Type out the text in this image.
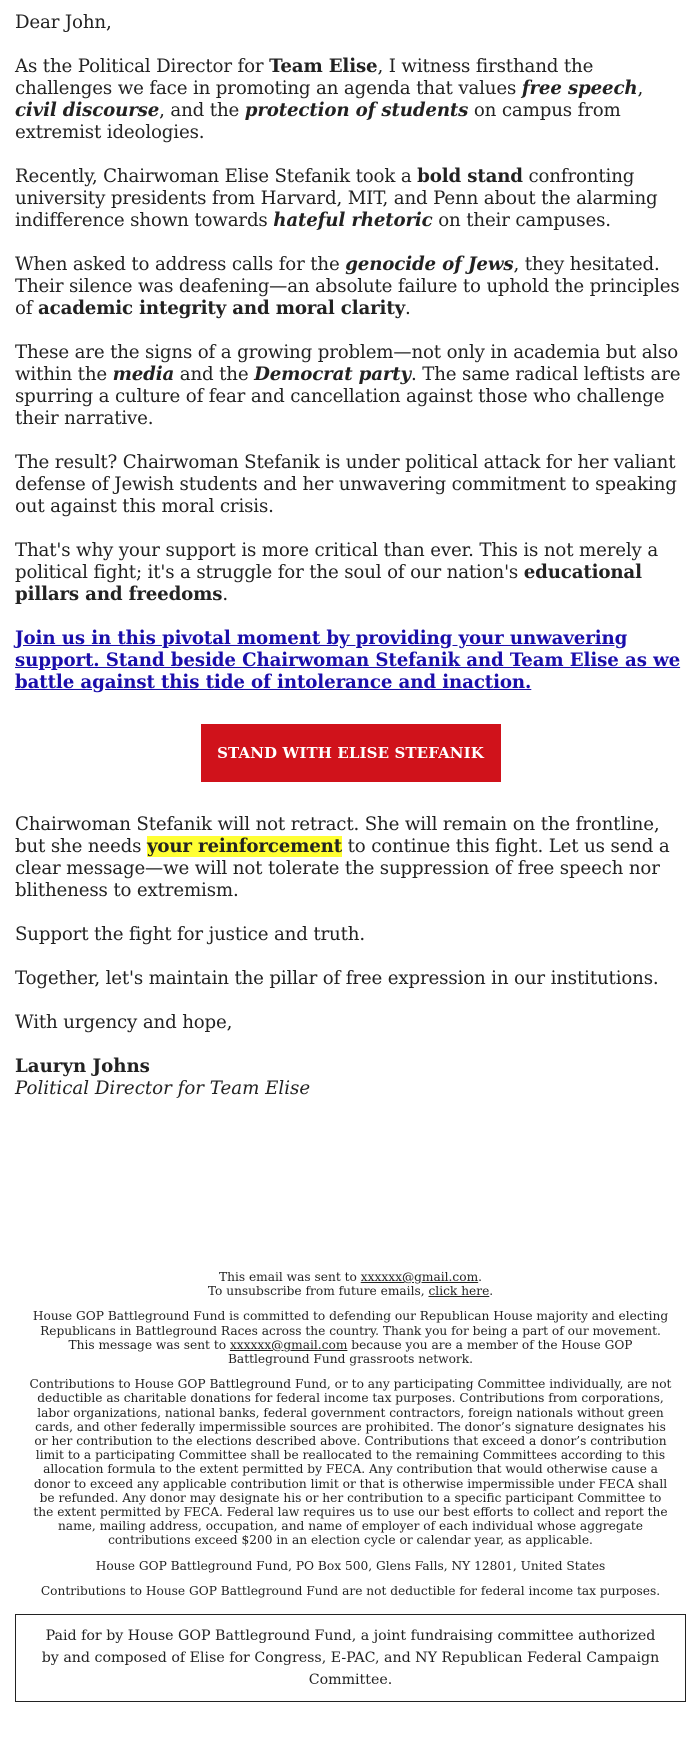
Dear John,

As the Political Director for Team Elise, I witness firsthand the challenges we face in promoting an agenda that values free speech, civil discourse, and the protection of students on campus from extremist ideologies.

Recently, Chairwoman Elise Stefanik took a bold stand confronting university presidents from Harvard, MIT, and Penn about the alarming indifference shown towards hateful rhetoric on their campuses.

When asked to address calls for the genocide of Jews, they hesitated. Their silence was deafening—an absolute failure to uphold the principles of academic integrity and moral clarity.

These are the signs of a growing problem—not only in academia but also within the media and the Democrat party. The same radical leftists are spurring a culture of fear and cancellation against those who challenge their narrative.

The result? Chairwoman Stefanik is under political attack for her valiant defense of Jewish students and her unwavering commitment to speaking out against this moral crisis.

That's why your support is more critical than ever. This is not merely a political fight; it's a struggle for the soul of our nation's educational pillars and freedoms.

Join us in this pivotal moment by providing your unwavering support. Stand beside Chairwoman Stefanik and Team Elise as we battle against this tide of intolerance and inaction.

STAND WITH ELISE STEFANIK

Chairwoman Stefanik will not retract. She will remain on the frontline, but she needs your reinforcement to continue this fight. Let us send a clear message—we will not tolerate the suppression of free speech nor blitheness to extremism.

Support the fight for justice and truth.

Together, let's maintain the pillar of free expression in our institutions.

With urgency and hope,

Lauryn Johns

Political Director for Team Elise

This email was sent to xxxxxx@gmail.com.
To unsubscribe from future emails, click here.

House GOP Battleground Fund is committed to defending our Republican House majority and electing Republicans in Battleground Races across the country. Thank you for being a part of our movement. This message was sent to xxxxxx@gmail.com because you are a member of the House GOP Battleground Fund grassroots network.

Contributions to House GOP Battleground Fund, or to any participating Committee individually, are not deductible as charitable donations for federal income tax purposes. Contributions from corporations, labor organizations, national banks, federal government contractors, foreign nationals without green cards, and other federally impermissible sources are prohibited. The donor’s signature designates his or her contribution to the elections described above. Contributions that exceed a donor’s contribution limit to a participating Committee shall be reallocated to the remaining Committees according to this allocation formula to the extent permitted by FECA. Any contribution that would otherwise cause a donor to exceed any applicable contribution limit or that is otherwise impermissible under FECA shall be refunded. Any donor may designate his or her contribution to a specific participant Committee to the extent permitted by FECA. Federal law requires us to use our best efforts to collect and report the name, mailing address, occupation, and name of employer of each individual whose aggregate contributions exceed $200 in an election cycle or calendar year, as applicable.

House GOP Battleground Fund, PO Box 500, Glens Falls, NY 12801, United States

Contributions to House GOP Battleground Fund are not deductible for federal income tax purposes.

Paid for by House GOP Battleground Fund, a joint fundraising committee authorized by and composed of Elise for Congress, E-PAC, and NY Republican Federal Campaign Committee.
